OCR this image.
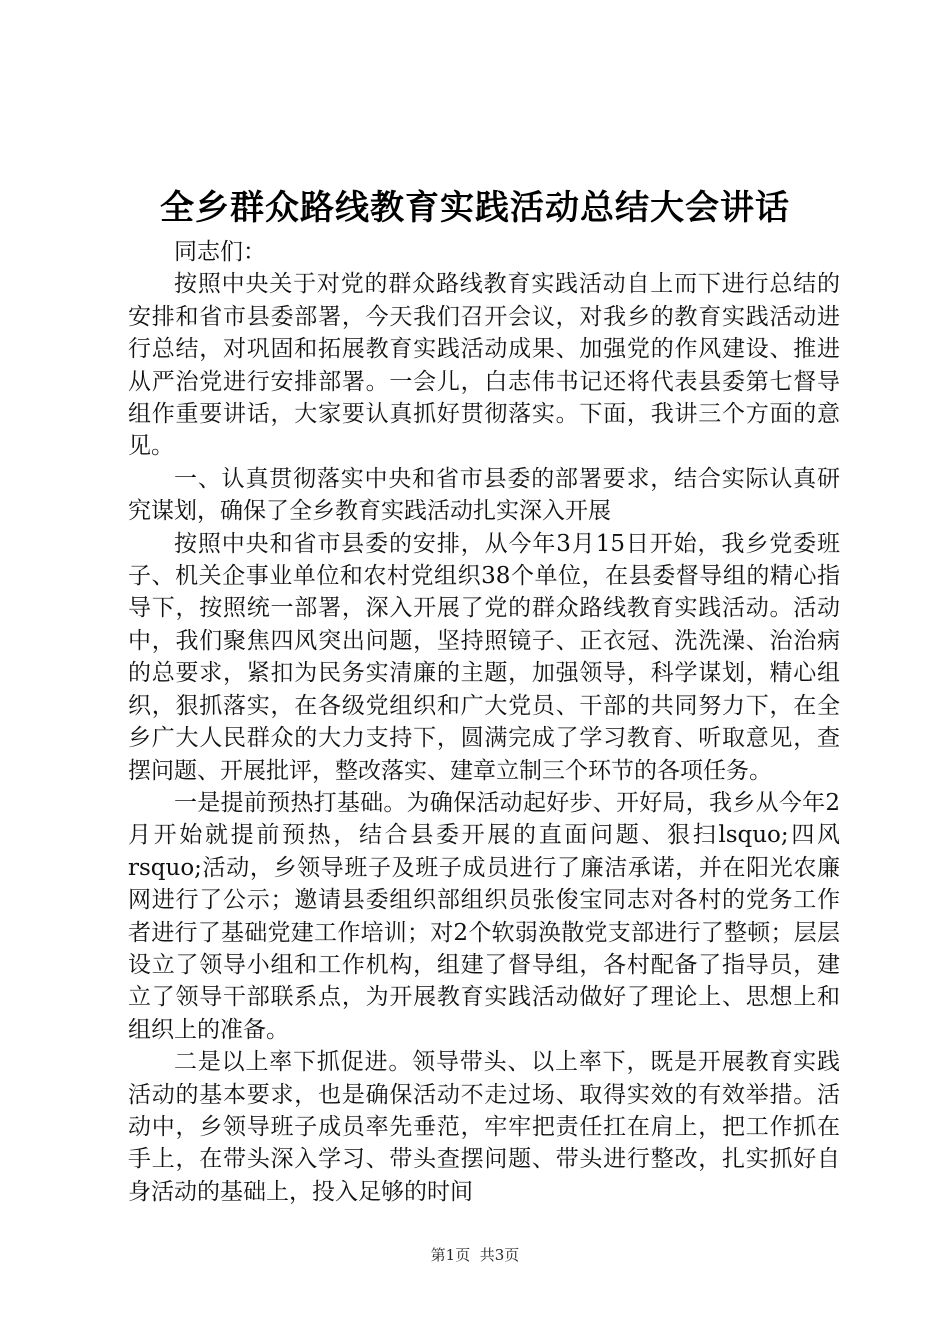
全乡群众路线教育实践活动总结大会讲话

同志们：

按照中央关于对党的群众路线教育实践活动自上而下进行总结的安排和省市县委部署，今天我们召开会议，对我乡的教育实践活动进行总结，对巩固和拓展教育实践活动成果、加强党的作风建设、推进从严治党进行安排部署。一会儿，白志伟书记还将代表县委第七督导组作重要讲话，大家要认真抓好贯彻落实。下面，我讲三个方面的意见。

一、认真贯彻落实中央和省市县委的部署要求，结合实际认真研究谋划，确保了全乡教育实践活动扎实深入开展

按照中央和省市县委的安排，从今年3月15日开始，我乡党委班子、机关企事业单位和农村党组织38个单位，在县委督导组的精心指导下，按照统一部署，深入开展了党的群众路线教育实践活动。活动中，我们聚焦四风突出问题，坚持照镜子、正衣冠、洗洗澡、治治病的总要求，紧扣为民务实清廉的主题，加强领导，科学谋划，精心组织，狠抓落实，在各级党组织和广大党员、干部的共同努力下，在全乡广大人民群众的大力支持下，圆满完成了学习教育、听取意见，查摆问题、开展批评，整改落实、建章立制三个环节的各项任务。

一是提前预热打基础。为确保活动起好步、开好局，我乡从今年2月开始就提前预热，结合县委开展的直面问题、狠扫lsquo;四风rsquo;活动，乡领导班子及班子成员进行了廉洁承诺，并在阳光农廉网进行了公示；邀请县委组织部组织员张俊宝同志对各村的党务工作者进行了基础党建工作培训；对2个软弱涣散党支部进行了整顿；层层设立了领导小组和工作机构，组建了督导组，各村配备了指导员，建立了领导干部联系点，为开展教育实践活动做好了理论上、思想上和组织上的准备。

二是以上率下抓促进。领导带头、以上率下，既是开展教育实践活动的基本要求，也是确保活动不走过场、取得实效的有效举措。活动中，乡领导班子成员率先垂范，牢牢把责任扛在肩上，把工作抓在手上，在带头深入学习、带头查摆问题、带头进行整改，扎实抓好自身活动的基础上，投入足够的时间

第1页 共3页
